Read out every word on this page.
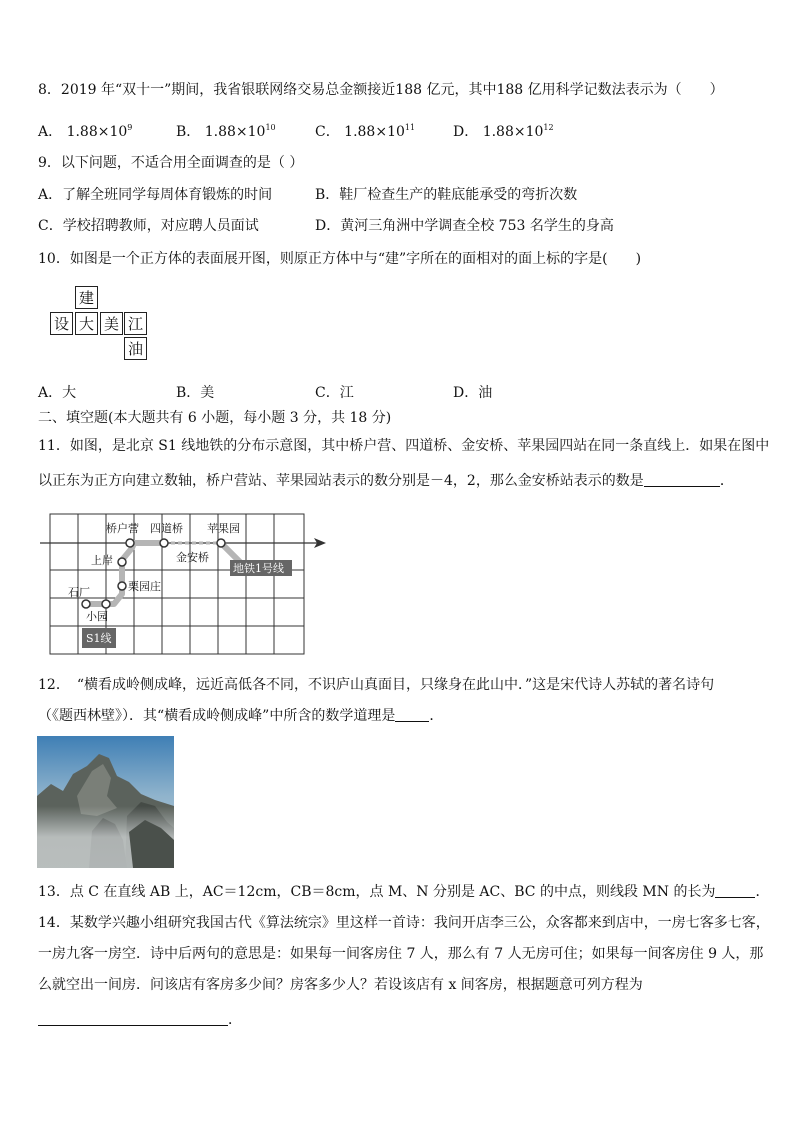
8．2019 年“双十一”期间，我省银联网络交易总金额接近188 亿元，其中188 亿用科学记数法表示为（　　）
A． $1.88\times 10^9$	B． $1.88\times 10^{10}$	C． $1.88\times 10^{11}$	D． $1.88\times 10^{12}$
9．以下问题，不适合用全面调查的是（ ）
A．了解全班同学每周体育锻炼的时间	B．鞋厂检查生产的鞋底能承受的弯折次数
C．学校招聘教师，对应聘人员面试	D．黄河三角洲中学调查全校 753 名学生的身高
10．如图是一个正方体的表面展开图，则原正方体中与“建”字所在的面相对的面上标的字是(　　)
建
设 大 美 江
油
A．大	B．美	C．江	D．油
二、填空题(本大题共有 6 小题，每小题 3 分，共 18 分)
11．如图，是北京 S1 线地铁的分布示意图，其中桥户营、四道桥、金安桥、苹果园四站在同一条直线上．如果在图中
以正东为正方向建立数轴，桥户营站、苹果园站表示的数分别是－4，2，那么金安桥站表示的数是	．
桥户营 四道桥 苹果园
金安桥
上岸
栗园庄
石厂
小园
地铁1号线
S1线
12．　“横看成岭侧成峰，远近高低各不同，不识庐山真面目，只缘身在此山中．”这是宋代诗人苏轼的著名诗句
（《题西林壁》）．其“横看成岭侧成峰”中所含的数学道理是 ．
13．点 C 在直线 AB 上，AC＝12cm，CB＝8cm，点 M、N 分别是 AC、BC 的中点，则线段 MN 的长为	．
14．某数学兴趣小组研究我国古代《算法统宗》里这样一首诗：我问开店李三公，众客都来到店中，一房七客多七客，
一房九客一房空．诗中后两句的意思是：如果每一间客房住 7 人，那么有 7 人无房可住；如果每一间客房住 9 人，那
么就空出一间房．问该店有客房多少间？房客多少人？若设该店有 x 间客房，根据题意可列方程为
．
